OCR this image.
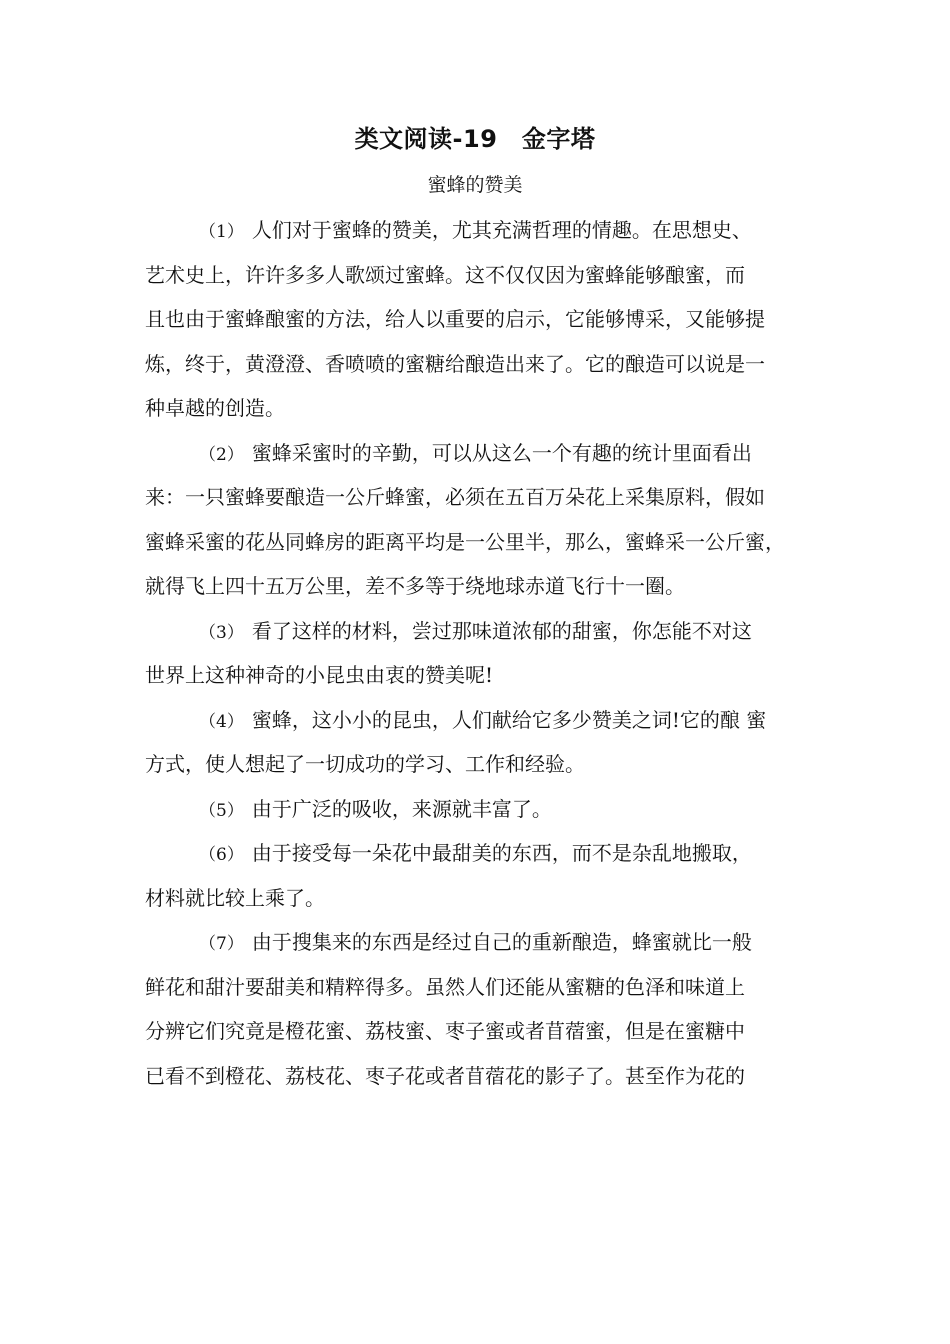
类文阅读-19　金字塔
蜜蜂的赞美
（1） 人们对于蜜蜂的赞美，尤其充满哲理的情趣。在思想史、
艺术史上，许许多多人歌颂过蜜蜂。这不仅仅因为蜜蜂能够酿蜜，而
且也由于蜜蜂酿蜜的方法，给人以重要的启示，它能够博采，又能够提
炼，终于，黄澄澄、香喷喷的蜜糖给酿造出来了。它的酿造可以说是一
种卓越的创造。
（2） 蜜蜂采蜜时的辛勤，可以从这么一个有趣的统计里面看出
来：一只蜜蜂要酿造一公斤蜂蜜，必须在五百万朵花上采集原料，假如
蜜蜂采蜜的花丛同蜂房的距离平均是一公里半，那么，蜜蜂采一公斤蜜，
就得飞上四十五万公里，差不多等于绕地球赤道飞行十一圈。
（3） 看了这样的材料，尝过那味道浓郁的甜蜜，你怎能不对这
世界上这种神奇的小昆虫由衷的赞美呢!
（4） 蜜蜂，这小小的昆虫，人们献给它多少赞美之词!它的酿 蜜
方式，使人想起了一切成功的学习、工作和经验。
（5） 由于广泛的吸收，来源就丰富了。
（6） 由于接受每一朵花中最甜美的东西，而不是杂乱地搬取，
材料就比较上乘了。
（7） 由于搜集来的东西是经过自己的重新酿造，蜂蜜就比一般
鲜花和甜汁要甜美和精粹得多。虽然人们还能从蜜糖的色泽和味道上
分辨它们究竟是橙花蜜、荔枝蜜、枣子蜜或者苜蓿蜜，但是在蜜糖中
已看不到橙花、荔枝花、枣子花或者苜蓿花的影子了。甚至作为花的
